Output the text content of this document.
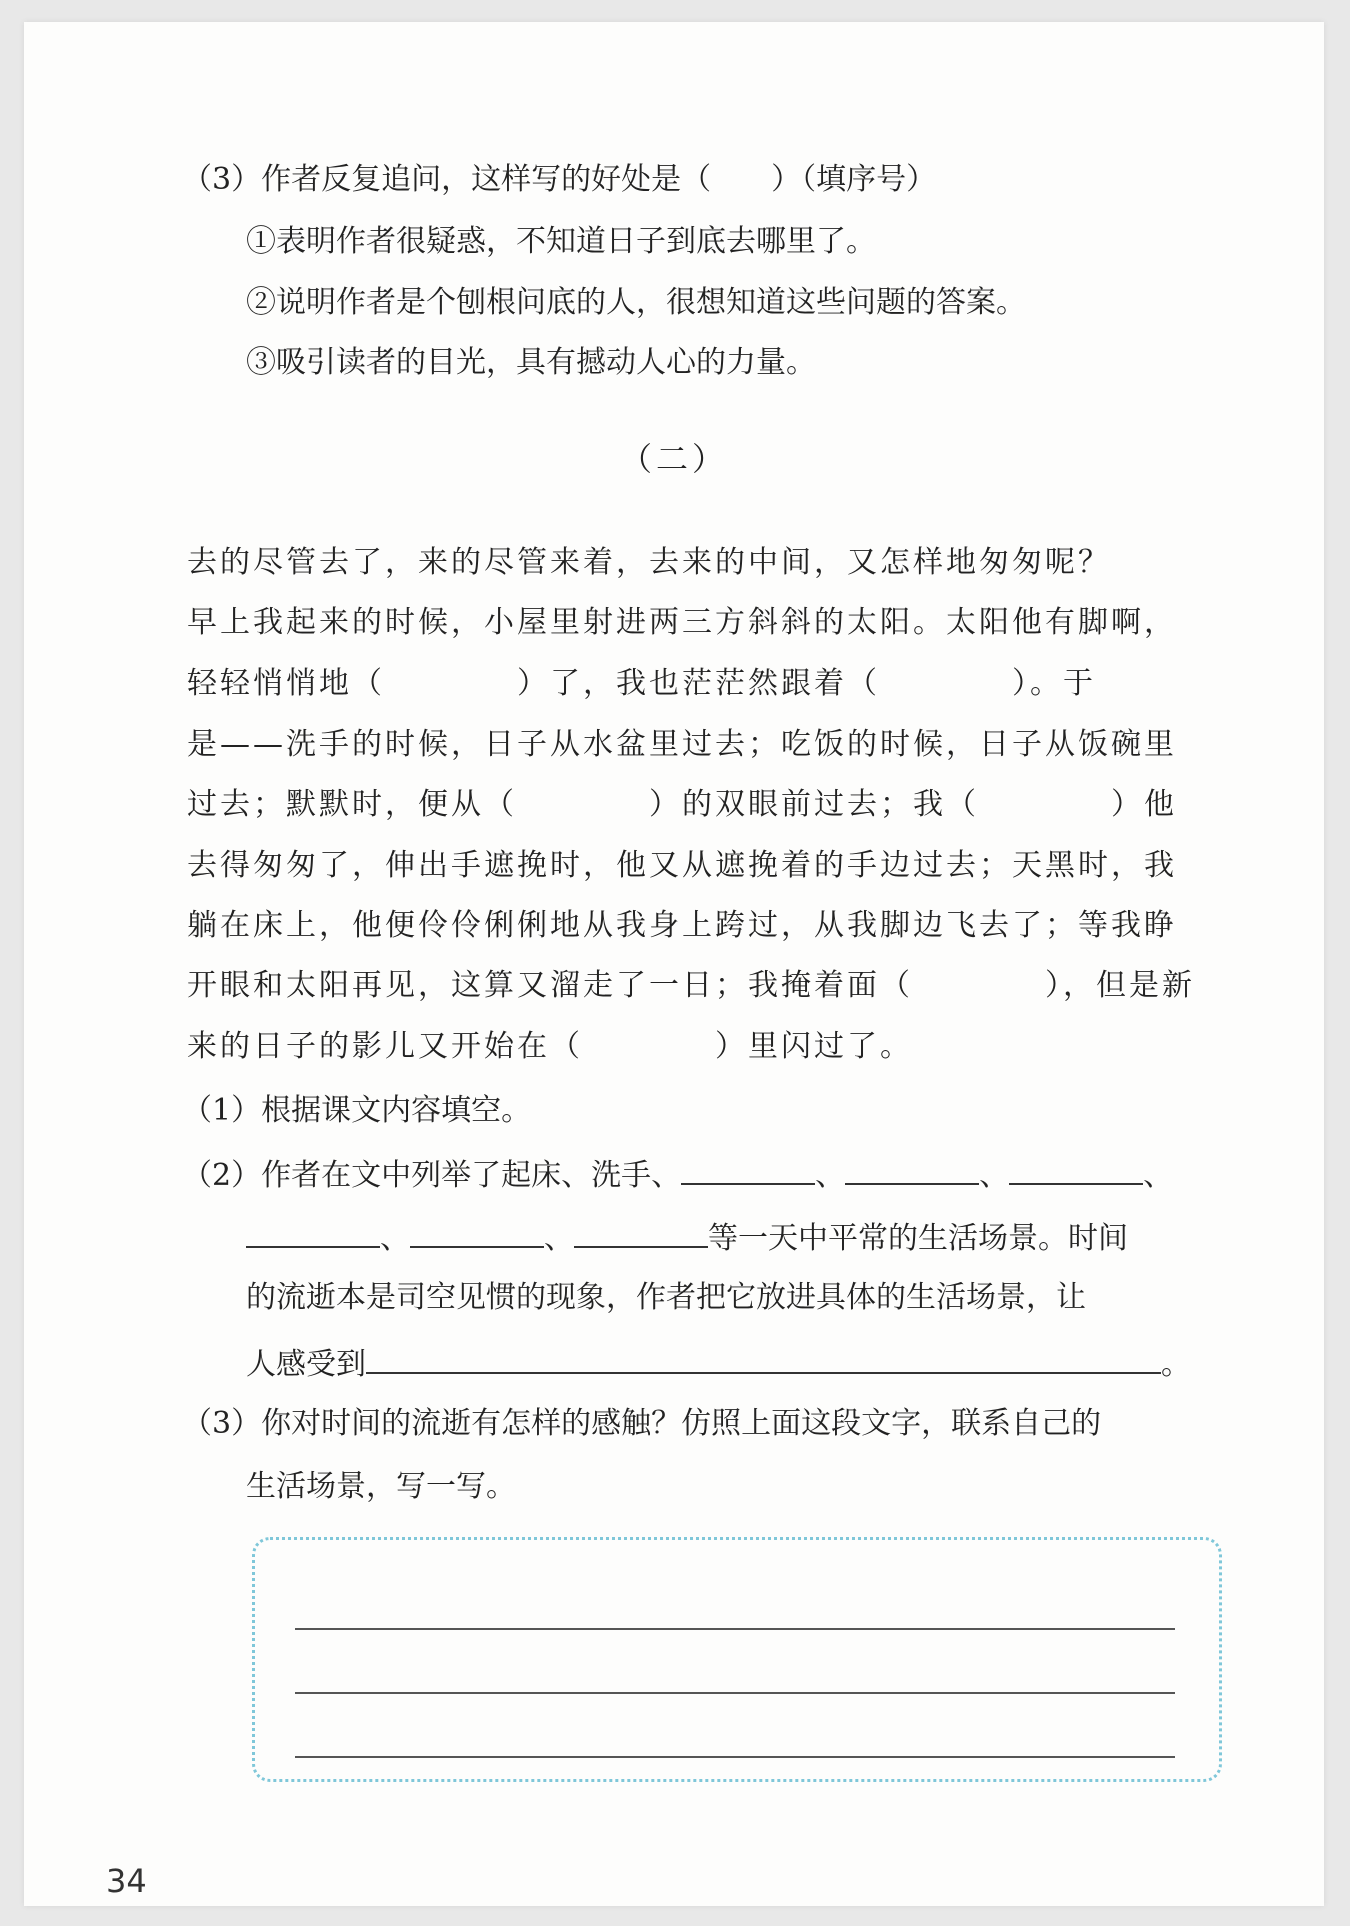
（3）作者反复追问，这样写的好处是（　　）（填序号）
①表明作者很疑惑，不知道日子到底去哪里了。
②说明作者是个刨根问底的人，很想知道这些问题的答案。
③吸引读者的目光，具有撼动人心的力量。
（二）
去的尽管去了，来的尽管来着，去来的中间，又怎样地匆匆呢？
早上我起来的时候，小屋里射进两三方斜斜的太阳。太阳他有脚啊，
轻轻悄悄地（　　　　）了，我也茫茫然跟着（　　　　）。于
是——洗手的时候，日子从水盆里过去；吃饭的时候，日子从饭碗里
过去；默默时，便从（　　　　）的双眼前过去；我（　　　　）他
去得匆匆了，伸出手遮挽时，他又从遮挽着的手边过去；天黑时，我
躺在床上，他便伶伶俐俐地从我身上跨过，从我脚边飞去了；等我睁
开眼和太阳再见，这算又溜走了一日；我掩着面（　　　　），但是新
来的日子的影儿又开始在（　　　　）里闪过了。
（1）根据课文内容填空。
（2）作者在文中列举了起床、洗手、	、	、	、
、	、	等一天中平常的生活场景。时间
的流逝本是司空见惯的现象，作者把它放进具体的生活场景，让
人感受到	。
（3）你对时间的流逝有怎样的感触？仿照上面这段文字，联系自己的
生活场景，写一写。
34
